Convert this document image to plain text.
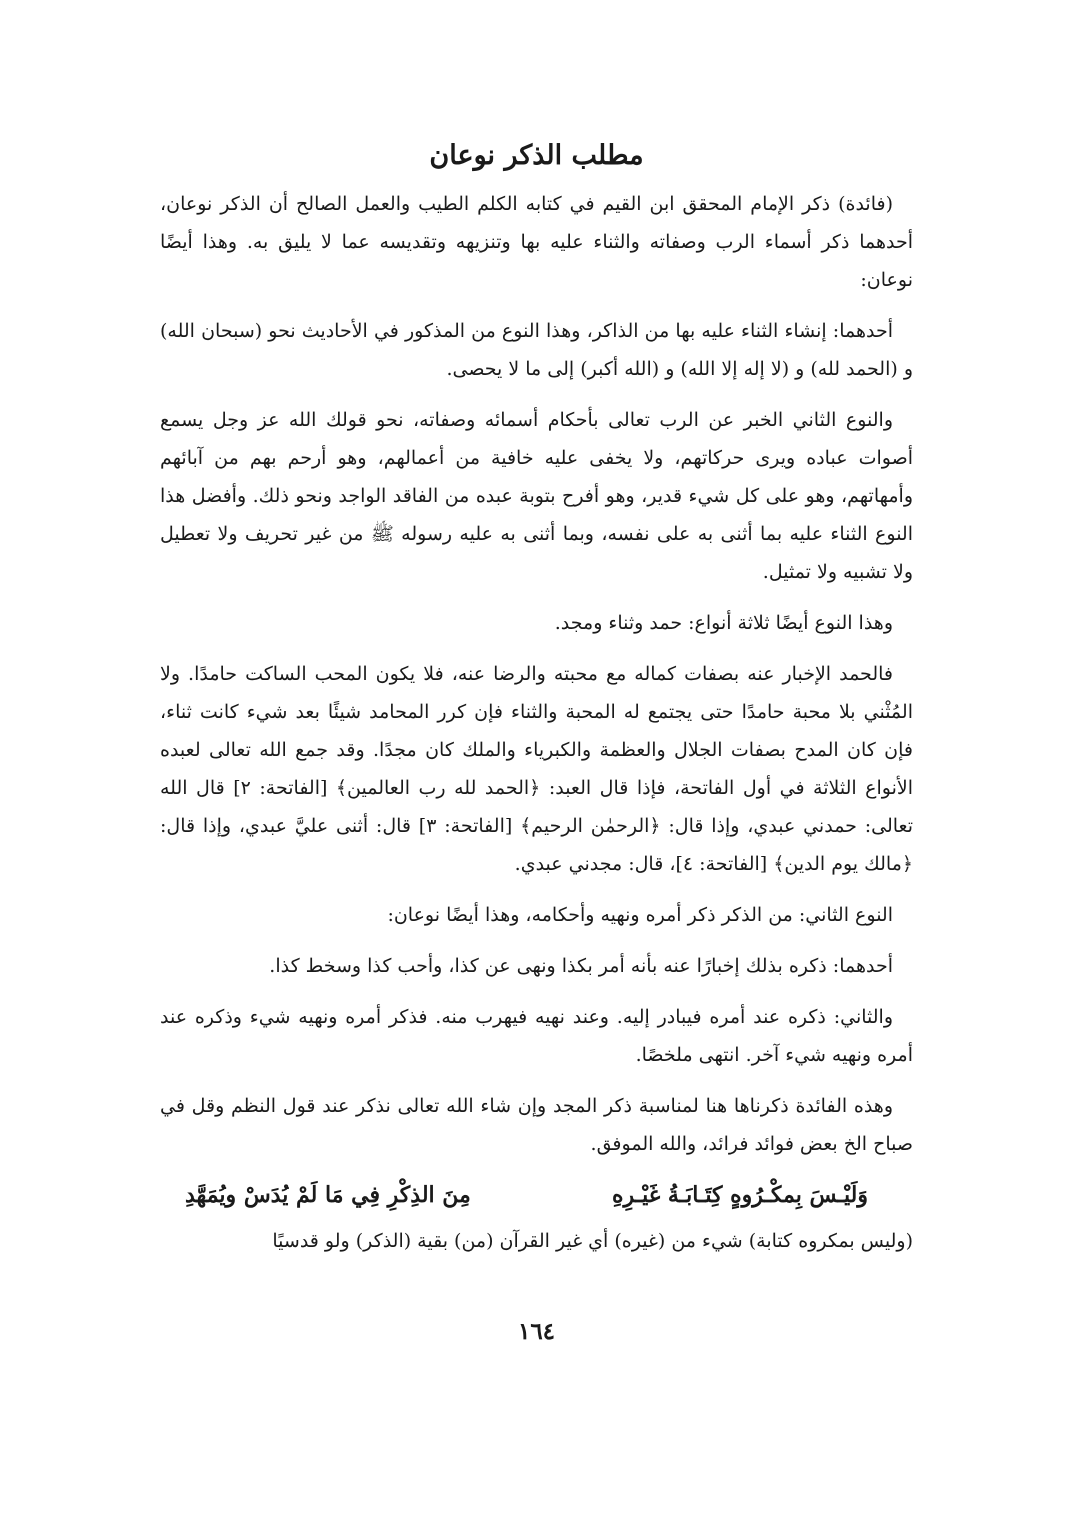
مطلب الذكر نوعان

(فائدة) ذكر الإمام المحقق ابن القيم في كتابه الكلم الطيب والعمل الصالح أن الذكر نوعان، أحدهما ذكر أسماء الرب وصفاته والثناء عليه بها وتنزيهه وتقديسه عما لا يليق به. وهذا أيضًا نوعان:

أحدهما: إنشاء الثناء عليه بها من الذاكر، وهذا النوع من المذكور في الأحاديث نحو (سبحان الله) و (الحمد لله) و (لا إله إلا الله) و (الله أكبر) إلى ما لا يحصى.

والنوع الثاني الخبر عن الرب تعالى بأحكام أسمائه وصفاته، نحو قولك الله عز وجل يسمع أصوات عباده ويرى حركاتهم، ولا يخفى عليه خافية من أعمالهم، وهو أرحم بهم من آبائهم وأمهاتهم، وهو على كل شيء قدير، وهو أفرح بتوبة عبده من الفاقد الواجد ونحو ذلك. وأفضل هذا النوع الثناء عليه بما أثنى به على نفسه، وبما أثنى به عليه رسوله ﷺ من غير تحريف ولا تعطيل ولا تشبيه ولا تمثيل.

وهذا النوع أيضًا ثلاثة أنواع: حمد وثناء ومجد.

فالحمد الإخبار عنه بصفات كماله مع محبته والرضا عنه، فلا يكون المحب الساكت حامدًا. ولا المُثْني بلا محبة حامدًا حتى يجتمع له المحبة والثناء فإن كرر المحامد شيئًا بعد شيء كانت ثناء، فإن كان المدح بصفات الجلال والعظمة والكبرياء والملك كان مجدًا. وقد جمع الله تعالى لعبده الأنواع الثلاثة في أول الفاتحة، فإذا قال العبد: ﴿الحمد لله رب العالمين﴾ [الفاتحة: ٢] قال الله تعالى: حمدني عبدي، وإذا قال: ﴿الرحمٰن الرحيم﴾ [الفاتحة: ٣] قال: أثنى عليَّ عبدي، وإذا قال: ﴿مالك يوم الدين﴾ [الفاتحة: ٤]، قال: مجدني عبدي.

النوع الثاني: من الذكر ذكر أمره ونهيه وأحكامه، وهذا أيضًا نوعان:

أحدهما: ذكره بذلك إخبارًا عنه بأنه أمر بكذا ونهى عن كذا، وأحب كذا وسخط كذا.

والثاني: ذكره عند أمره فيبادر إليه. وعند نهيه فيهرب منه. فذكر أمره ونهيه شيء وذكره عند أمره ونهيه شيء آخر. انتهى ملخصًا.

وهذه الفائدة ذكرناها هنا لمناسبة ذكر المجد وإن شاء الله تعالى نذكر عند قول النظم وقل في صباح الخ بعض فوائد فرائد، والله الموفق.

وَلَيْـسَ بِمكْـرُوهٍ كِتَـابَـةُ غَيْـرِهِ
مِنَ الذِكْرِ فِي مَا لَمْ يُدَسْ ويُمَهَّدِ

(وليس بمكروه كتابة) شيء من (غيره) أي غير القرآن (من) بقية (الذكر) ولو قدسيًا

١٦٤
